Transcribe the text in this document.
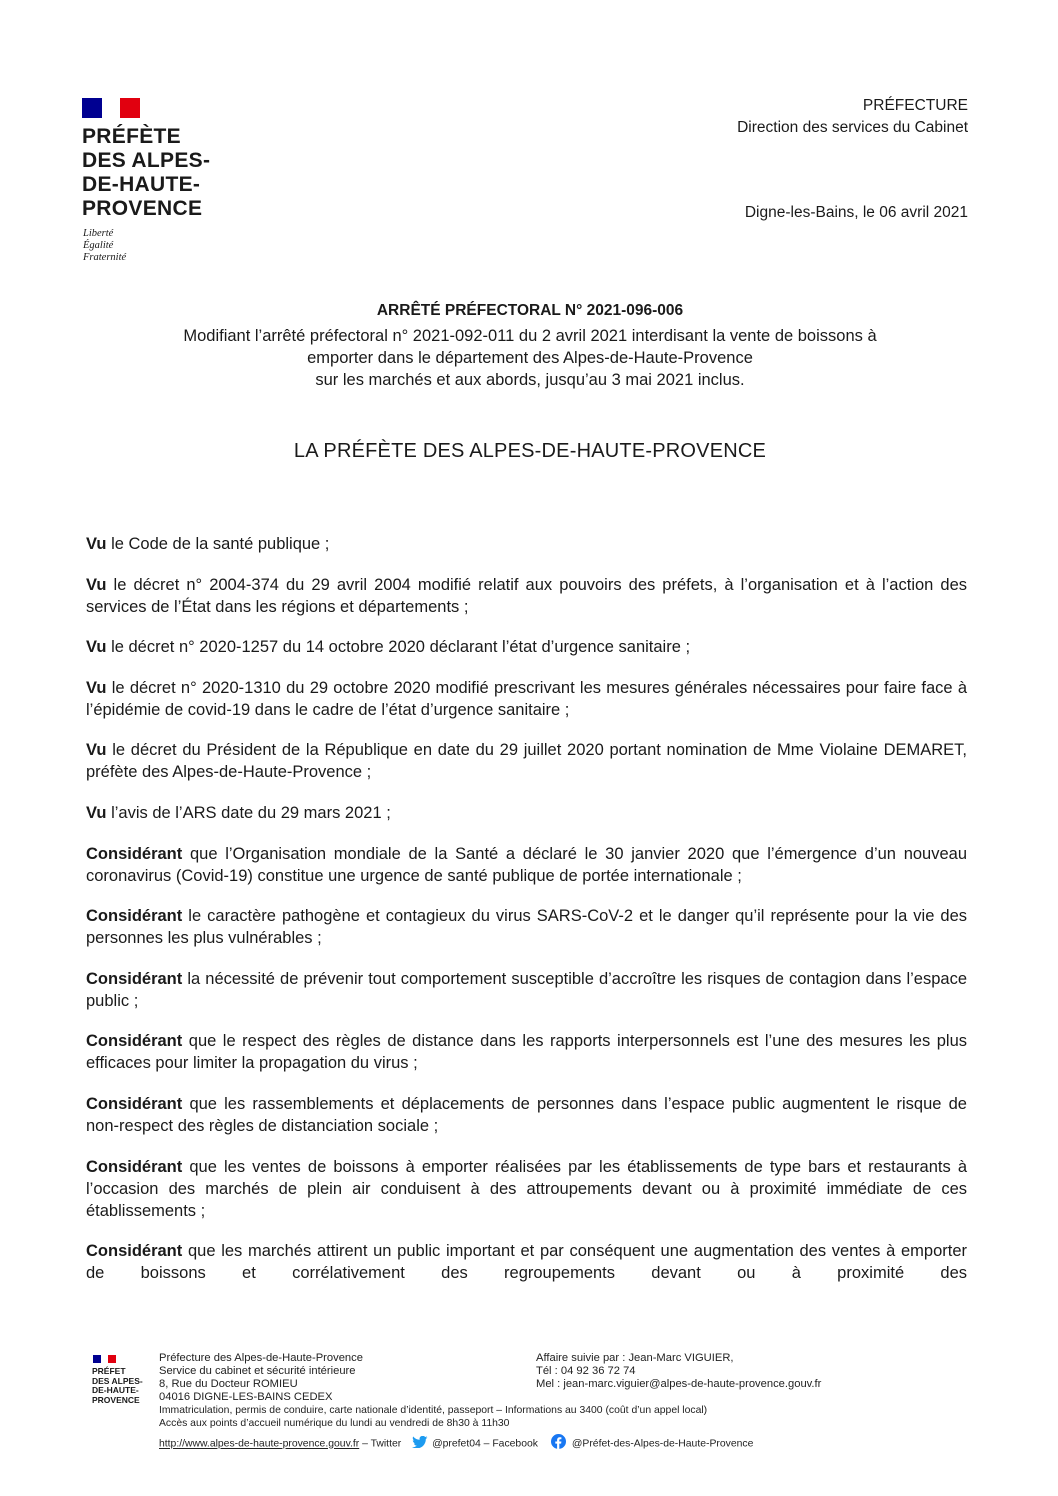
PRÉFÈTE
DES ALPES-
DE-HAUTE-
PROVENCE
Liberté
Égalité
Fraternité
PRÉFECTURE
Direction des services du Cabinet
Digne-les-Bains, le 06 avril 2021
ARRÊTÉ PRÉFECTORAL N° 2021-096-006
Modifiant l’arrêté préfectoral n° 2021-092-011 du 2 avril 2021 interdisant la vente de boissons à
emporter dans le département des Alpes-de-Haute-Provence
sur les marchés et aux abords, jusqu’au 3 mai 2021 inclus.
LA PRÉFÈTE DES ALPES-DE-HAUTE-PROVENCE

Vu le Code de la santé publique ;

Vu le décret n° 2004-374 du 29 avril 2004 modifié relatif aux pouvoirs des préfets, à l’organisation et à l’action des services de l’État dans les régions et départements ;

Vu le décret n° 2020-1257 du 14 octobre 2020 déclarant l’état d’urgence sanitaire ;

Vu le décret n° 2020-1310 du 29 octobre 2020 modifié prescrivant les mesures générales nécessaires pour faire face à l’épidémie de covid-19 dans le cadre de l’état d’urgence sanitaire ;

Vu le décret du Président de la République en date du 29 juillet 2020 portant nomination de Mme Violaine DEMARET, préfète des Alpes-de-Haute-Provence ;

Vu l’avis de l’ARS date du 29 mars 2021 ;

Considérant que l’Organisation mondiale de la Santé a déclaré le 30 janvier 2020 que l’émergence d’un nouveau coronavirus (Covid-19) constitue une urgence de santé publique de portée internationale ;

Considérant le caractère pathogène et contagieux du virus SARS-CoV-2 et le danger qu’il représente pour la vie des personnes les plus vulnérables ;

Considérant la nécessité de prévenir tout comportement susceptible d’accroître les risques de contagion dans l’espace public ;

Considérant que le respect des règles de distance dans les rapports interpersonnels est l’une des mesures les plus efficaces pour limiter la propagation du virus ;

Considérant que les rassemblements et déplacements de personnes dans l’espace public augmentent le risque de non-respect des règles de distanciation sociale ;

Considérant que les ventes de boissons à emporter réalisées par les établissements de type bars et restaurants à l’occasion des marchés de plein air conduisent à des attroupements devant ou à proximité immédiate de ces établissements ;

Considérant que les marchés attirent un public important et par conséquent une augmentation des ventes à emporter de boissons et corrélativement des regroupements devant ou à proximité des

PRÉFET
DES ALPES-
DE-HAUTE-
PROVENCE
Préfecture des Alpes-de-Haute-Provence
Service du cabinet et sécurité intérieure
8, Rue du Docteur ROMIEU
04016 DIGNE-LES-BAINS CEDEX
Affaire suivie par : Jean-Marc VIGUIER,
Tél : 04 92 36 72 74
Mel : jean-marc.viguier@alpes-de-haute-provence.gouv.fr
Immatriculation, permis de conduire, carte nationale d’identité, passeport – Informations au 3400 (coût d’un appel local)
Accès aux points d’accueil numérique du lundi au vendredi de 8h30 à 11h30
http://www.alpes-de-haute-provence.gouv.fr – Twitter	@prefet04 – Facebook	@Préfet-des-Alpes-de-Haute-Provence
